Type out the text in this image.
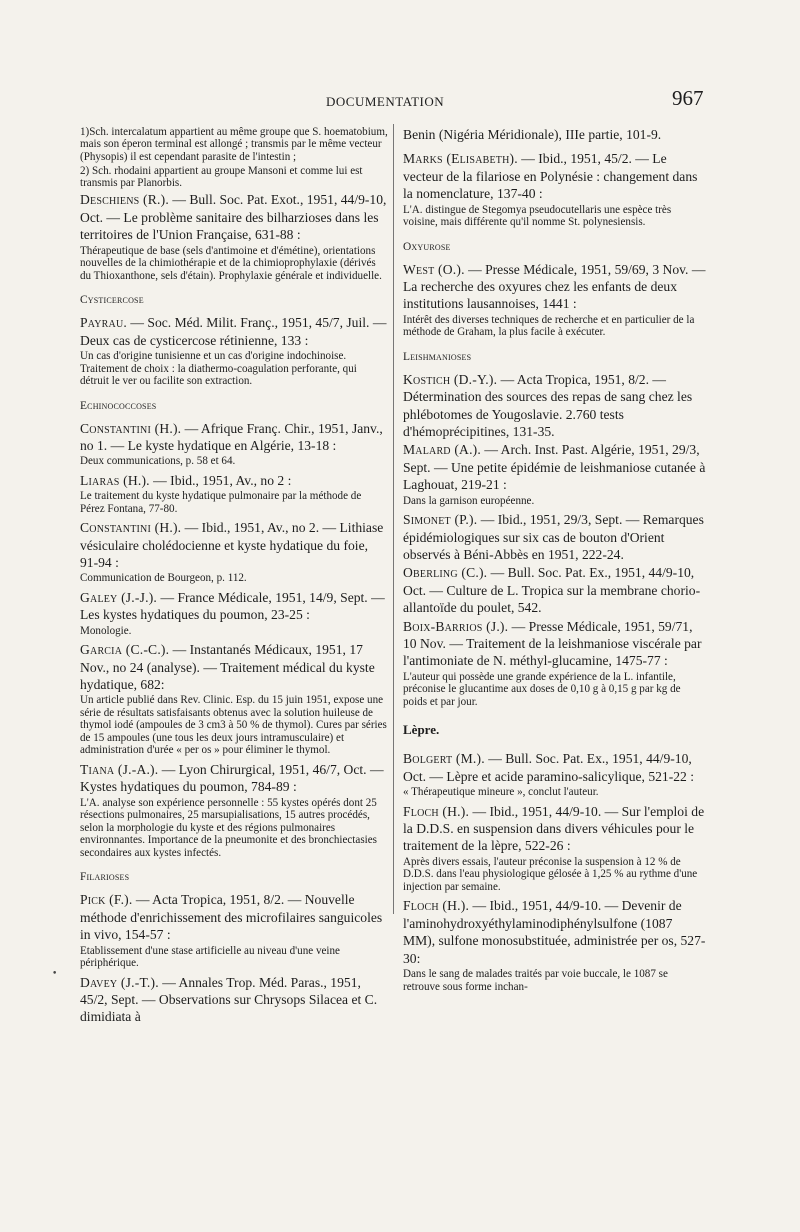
DOCUMENTATION	967
•

1)Sch. intercalatum appartient au même groupe que S. hoematobium, mais son éperon terminal est allongé ; transmis par le même vecteur (Physopis) il est cependant parasite de l'intestin ;

2) Sch. rhodaini appartient au groupe Mansoni et comme lui est transmis par Planorbis.

Deschiens (R.). — Bull. Soc. Pat. Exot., 1951, 44/9-10, Oct. — Le problème sanitaire des bilharzioses dans les territoires de l'Union Française, 631-88 :

Thérapeutique de base (sels d'antimoine et d'émétine), orientations nouvelles de la chimiothérapie et de la chimioprophylaxie (dérivés du Thioxanthone, sels d'étain). Prophylaxie générale et individuelle.

Cysticercose

Payrau. — Soc. Méd. Milit. Franç., 1951, 45/7, Juil. — Deux cas de cysticercose rétinienne, 133 :

Un cas d'origine tunisienne et un cas d'origine indochinoise. Traitement de choix : la diathermo-coagulation perforante, qui détruit le ver ou facilite son extraction.

Echinococcoses

Constantini (H.). — Afrique Franç. Chir., 1951, Janv., no 1. — Le kyste hydatique en Algérie, 13-18 :

Deux communications, p. 58 et 64.

Liaras (H.). — Ibid., 1951, Av., no 2 :

Le traitement du kyste hydatique pulmonaire par la méthode de Pérez Fontana, 77-80.

Constantini (H.). — Ibid., 1951, Av., no 2. — Lithiase vésiculaire cholédocienne et kyste hydatique du foie, 91-94 :

Communication de Bourgeon, p. 112.

Galey (J.-J.). — France Médicale, 1951, 14/9, Sept. — Les kystes hydatiques du poumon, 23-25 :

Monologie.

Garcia (C.-C.). — Instantanés Médicaux, 1951, 17 Nov., no 24 (analyse). — Traitement médical du kyste hydatique, 682:

Un article publié dans Rev. Clinic. Esp. du 15 juin 1951, expose une série de résultats satisfaisants obtenus avec la solution huileuse de thymol iodé (ampoules de 3 cm3 à 50 % de thymol). Cures par séries de 15 ampoules (une tous les deux jours intramusculaire) et administration d'urée « per os » pour éliminer le thymol.

Tiana (J.-A.). — Lyon Chirurgical, 1951, 46/7, Oct. — Kystes hydatiques du poumon, 784-89 :

L'A. analyse son expérience personnelle : 55 kystes opérés dont 25 résections pulmonaires, 25 marsupialisations, 15 autres procédés, selon la morphologie du kyste et des régions pulmonaires environnantes. Importance de la pneumonite et des bronchiectasies secondaires aux kystes infectés.

Filarioses

Pick (F.). — Acta Tropica, 1951, 8/2. — Nouvelle méthode d'enrichissement des microfilaires sanguicoles in vivo, 154-57 :

Etablissement d'une stase artificielle au niveau d'une veine périphérique.

Davey (J.-T.). — Annales Trop. Méd. Paras., 1951, 45/2, Sept. — Observations sur Chrysops Silacea et C. dimidiata à

Benin (Nigéria Méridionale), IIIe partie, 101-9.

Marks (Elisabeth). — Ibid., 1951, 45/2. — Le vecteur de la filariose en Polynésie : changement dans la nomenclature, 137-40 :

L'A. distingue de Stegomya pseudocutellaris une espèce très voisine, mais différente qu'il nomme St. polynesiensis.

Oxyurose

West (O.). — Presse Médicale, 1951, 59/69, 3 Nov. — La recherche des oxyures chez les enfants de deux institutions lausannoises, 1441 :

Intérêt des diverses techniques de recherche et en particulier de la méthode de Graham, la plus facile à exécuter.

Leishmanioses

Kostich (D.-Y.). — Acta Tropica, 1951, 8/2. — Détermination des sources des repas de sang chez les phlébotomes de Yougoslavie. 2.760 tests d'hémoprécipitines, 131-35.

Malard (A.). — Arch. Inst. Past. Algérie, 1951, 29/3, Sept. — Une petite épidémie de leishmaniose cutanée à Laghouat, 219-21 :

Dans la garnison européenne.

Simonet (P.). — Ibid., 1951, 29/3, Sept. — Remarques épidémiologiques sur six cas de bouton d'Orient observés à Béni-Abbès en 1951, 222-24.

Oberling (C.). — Bull. Soc. Pat. Ex., 1951, 44/9-10, Oct. — Culture de L. Tropica sur la membrane chorio-allantoïde du poulet, 542.

Boix-Barrios (J.). — Presse Médicale, 1951, 59/71, 10 Nov. — Traitement de la leishmaniose viscérale par l'antimoniate de N. méthyl-glucamine, 1475-77 :

L'auteur qui possède une grande expérience de la L. infantile, préconise le glucantime aux doses de 0,10 g à 0,15 g par kg de poids et par jour.

Lèpre.

Bolgert (M.). — Bull. Soc. Pat. Ex., 1951, 44/9-10, Oct. — Lèpre et acide paramino-salicylique, 521-22 :

« Thérapeutique mineure », conclut l'auteur.

Floch (H.). — Ibid., 1951, 44/9-10. — Sur l'emploi de la D.D.S. en suspension dans divers véhicules pour le traitement de la lèpre, 522-26 :

Après divers essais, l'auteur préconise la suspension à 12 % de D.D.S. dans l'eau physiologique gélosée à 1,25 % au rythme d'une injection par semaine.

Floch (H.). — Ibid., 1951, 44/9-10. — Devenir de l'aminohydroxyéthylaminodiphénylsulfone (1087 MM), sulfone monosubstituée, administrée per os, 527-30:

Dans le sang de malades traités par voie buccale, le 1087 se retrouve sous forme inchan-
